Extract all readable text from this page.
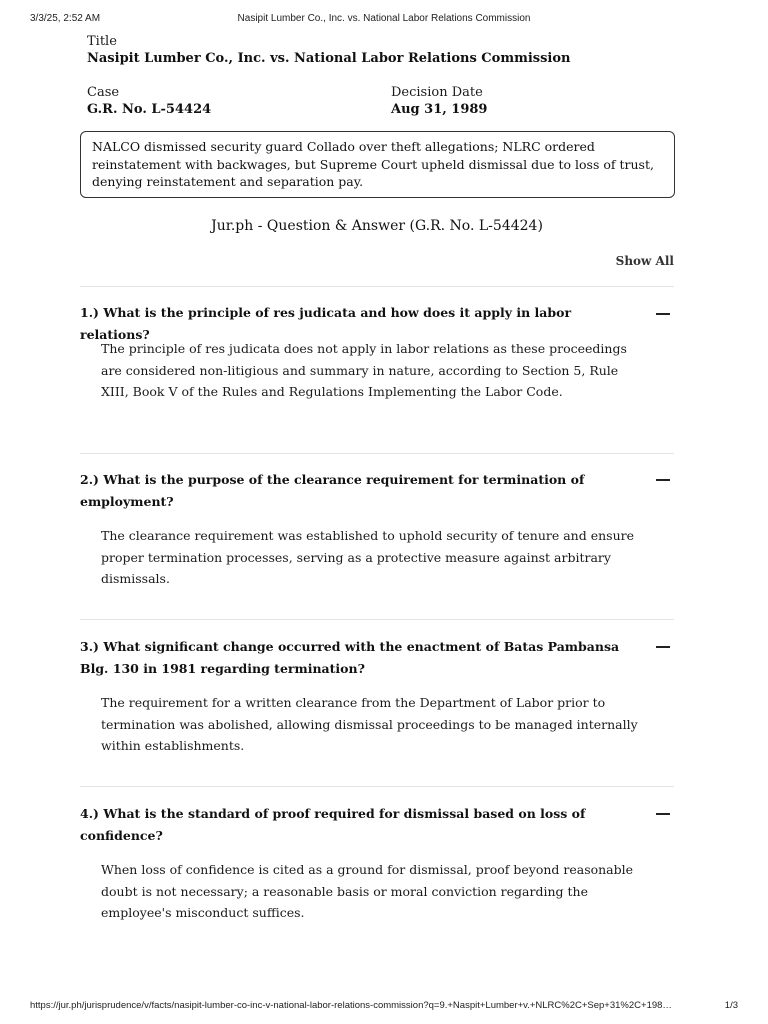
3/3/25, 2:52 AM	Nasipit Lumber Co., Inc. vs. National Labor Relations Commission
Title
Nasipit Lumber Co., Inc. vs. National Labor Relations Commission
Case
G.R. No. L-54424
Decision Date
Aug 31, 1989
NALCO dismissed security guard Collado over theft allegations; NLRC ordered reinstatement with backwages, but Supreme Court upheld dismissal due to loss of trust, denying reinstatement and separation pay.
Jur.ph - Question & Answer (G.R. No. L-54424)
Show All
1.) What is the principle of res judicata and how does it apply in labor relations?
The principle of res judicata does not apply in labor relations as these proceedings are considered non-litigious and summary in nature, according to Section 5, Rule XIII, Book V of the Rules and Regulations Implementing the Labor Code.
2.) What is the purpose of the clearance requirement for termination of employment?
The clearance requirement was established to uphold security of tenure and ensure proper termination processes, serving as a protective measure against arbitrary dismissals.
3.) What significant change occurred with the enactment of Batas Pambansa Blg. 130 in 1981 regarding termination?
The requirement for a written clearance from the Department of Labor prior to termination was abolished, allowing dismissal proceedings to be managed internally within establishments.
4.) What is the standard of proof required for dismissal based on loss of confidence?
When loss of confidence is cited as a ground for dismissal, proof beyond reasonable doubt is not necessary; a reasonable basis or moral conviction regarding the employee's misconduct suffices.
https://jur.ph/jurisprudence/v/facts/nasipit-lumber-co-inc-v-national-labor-relations-commission?q=9.+Naspit+Lumber+v.+NLRC%2C+Sep+31%2C+198…	1/3
